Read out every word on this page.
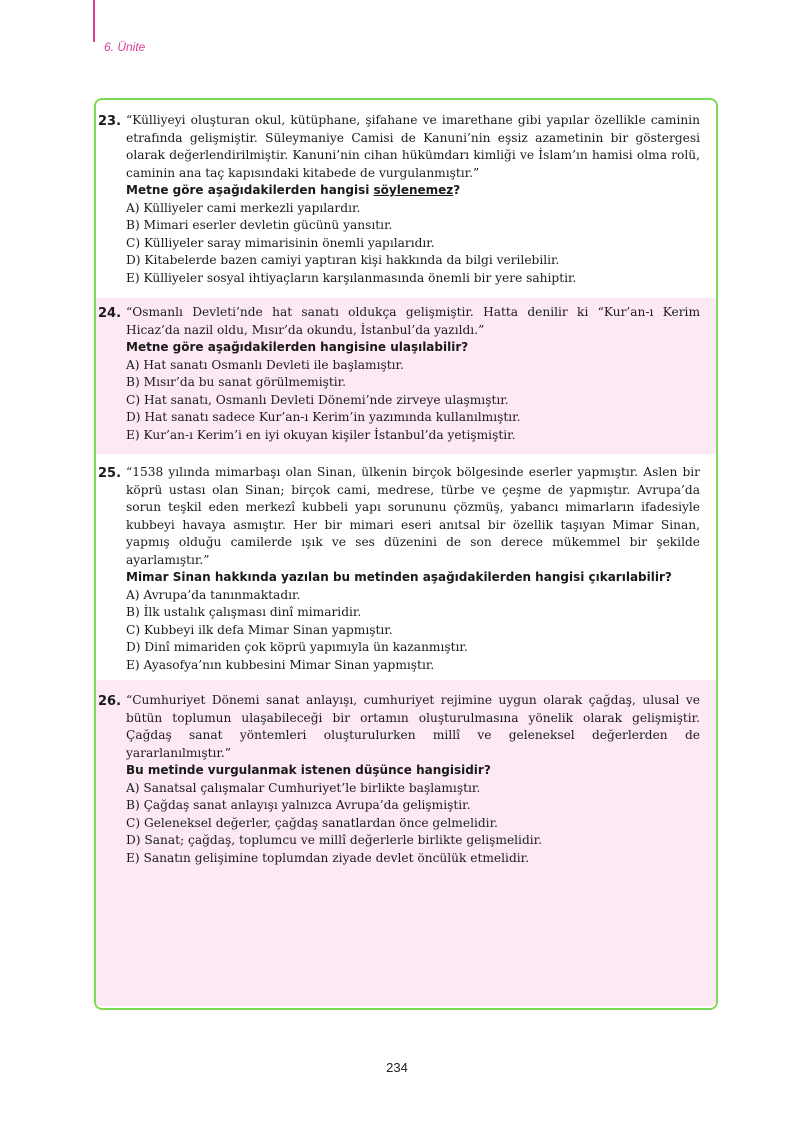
6. Ünite
23. “Külliyeyi oluşturan okul, kütüphane, şifahane ve imarethane gibi yapılar özellikle caminin etrafında gelişmiştir. Süleymaniye Camisi de Kanuni’nin eşsiz azametinin bir göstergesi olarak değerlendirilmiştir. Kanuni’nin cihan hükümdarı kimliği ve İslam’ın hamisi olma rolü, caminin ana taç kapısındaki kitabede de vurgulanmıştır.”

Metne göre aşağıdakilerden hangisi söylenemez?

A) Külliyeler cami merkezli yapılardır.
B) Mimari eserler devletin gücünü yansıtır.
C) Külliyeler saray mimarisinin önemli yapılarıdır.
D) Kitabelerde bazen camiyi yaptıran kişi hakkında da bilgi verilebilir.
E) Külliyeler sosyal ihtiyaçların karşılanmasında önemli bir yere sahiptir.
24. “Osmanlı Devleti’nde hat sanatı oldukça gelişmiştir. Hatta denilir ki “Kur’an-ı Kerim Hicaz’da nazil oldu, Mısır’da okundu, İstanbul’da yazıldı.”

Metne göre aşağıdakilerden hangisine ulaşılabilir?

A) Hat sanatı Osmanlı Devleti ile başlamıştır.
B) Mısır’da bu sanat görülmemiştir.
C) Hat sanatı, Osmanlı Devleti Dönemi’nde zirveye ulaşmıştır.
D) Hat sanatı sadece Kur’an-ı Kerim’in yazımında kullanılmıştır.
E) Kur’an-ı Kerim’i en iyi okuyan kişiler İstanbul’da yetişmiştir.
25. “1538 yılında mimarbaşı olan Sinan, ülkenin birçok bölgesinde eserler yapmıştır. Aslen bir köprü ustası olan Sinan; birçok cami, medrese, türbe ve çeşme de yapmıştır. Avrupa’da sorun teşkil eden merkezî kubbeli yapı sorununu çözmüş, yabancı mimarların ifadesiyle kubbeyi havaya asmıştır. Her bir mimari eseri anıtsal bir özellik taşıyan Mimar Sinan, yapmış olduğu camilerde ışık ve ses düzenini de son derece mükemmel bir şekilde ayarlamıştır.”

Mimar Sinan hakkında yazılan bu metinden aşağıdakilerden hangisi çıkarılabilir?

A) Avrupa’da tanınmaktadır.
B) İlk ustalık çalışması dinî mimaridir.
C) Kubbeyi ilk defa Mimar Sinan yapmıştır.
D) Dinî mimariden çok köprü yapımıyla ün kazanmıştır.
E) Ayasofya’nın kubbesini Mimar Sinan yapmıştır.
26. “Cumhuriyet Dönemi sanat anlayışı, cumhuriyet rejimine uygun olarak çağdaş, ulusal ve bütün toplumun ulaşabileceği bir ortamın oluşturulmasına yönelik olarak gelişmiştir. Çağdaş sanat yöntemleri oluşturulurken millî ve geleneksel değerlerden de yararlanılmıştır.”

Bu metinde vurgulanmak istenen düşünce hangisidir?

A) Sanatsal çalışmalar Cumhuriyet’le birlikte başlamıştır.
B) Çağdaş sanat anlayışı yalnızca Avrupa’da gelişmiştir.
C) Geleneksel değerler, çağdaş sanatlardan önce gelmelidir.
D) Sanat; çağdaş, toplumcu ve millî değerlerle birlikte gelişmelidir.
E) Sanatın gelişimine toplumdan ziyade devlet öncülük etmelidir.
234
